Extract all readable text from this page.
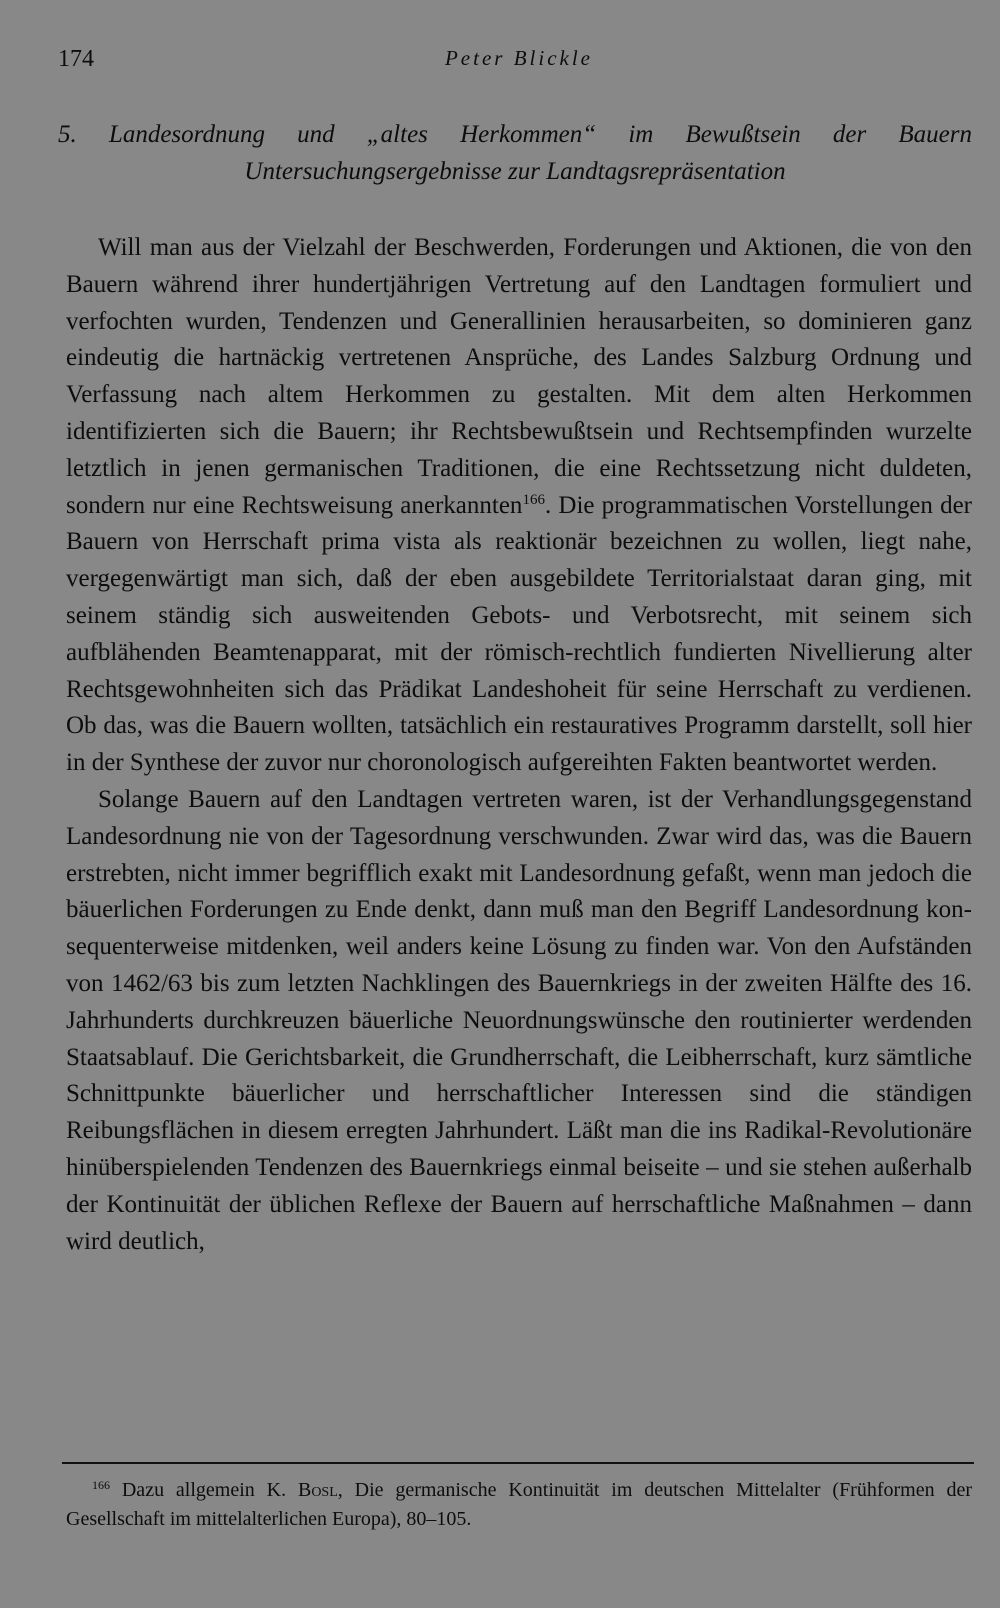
174	Peter Blickle
5. Landesordnung und „altes Herkommen“ im Bewußtsein der Bauern
Untersuchungsergebnisse zur Landtagsrepräsentation

Will man aus der Vielzahl der Beschwerden, Forderungen und Aktionen, die von den Bauern während ihrer hundertjährigen Vertretung auf den Landtagen formuliert und verfochten wurden, Tendenzen und Generallinien herausarbeiten, so dominieren ganz eindeutig die hartnäckig vertretenen Ansprüche, des Landes Salzburg Ordnung und Verfassung nach altem Herkommen zu gestalten. Mit dem alten Herkommen identifizierten sich die Bauern; ihr Rechtsbewußtsein und Rechtsempfinden wurzelte letztlich in jenen germanischen Traditionen, die eine Rechtssetzung nicht duldeten, sondern nur eine Rechtsweisung anerkannten$^{166}$. Die programmatischen Vorstellungen der Bauern von Herrschaft prima vista als reaktionär bezeichnen zu wollen, liegt nahe, vergegenwärtigt man sich, daß der eben ausgebildete Territorialstaat daran ging, mit seinem ständig sich ausweitenden Gebots- und Verbotsrecht, mit seinem sich aufblähenden Beamtenapparat, mit der römisch-rechtlich fundierten Nivellierung alter Rechtsgewohnheiten sich das Prädikat Landeshoheit für seine Herrschaft zu verdienen. Ob das, was die Bauern wollten, tatsächlich ein restauratives Programm darstellt, soll hier in der Synthese der zuvor nur choronologisch aufgereihten Fakten beantwortet werden.

Solange Bauern auf den Landtagen vertreten waren, ist der Verhandlungsgegenstand Landesordnung nie von der Tagesordnung verschwunden. Zwar wird das, was die Bauern erstrebten, nicht immer begrifflich exakt mit Landesordnung gefaßt, wenn man jedoch die bäuerlichen Forderungen zu Ende denkt, dann muß man den Begriff Landesordnung konsequenterweise mitdenken, weil anders keine Lösung zu finden war. Von den Aufständen von 1462/63 bis zum letzten Nachklingen des Bauernkriegs in der zweiten Hälfte des 16. Jahrhunderts durchkreuzen bäuerliche Neuordnungswünsche den routinierter werdenden Staatsablauf. Die Gerichtsbarkeit, die Grundherrschaft, die Leibherrschaft, kurz sämtliche Schnittpunkte bäuerlicher und herrschaftlicher Interessen sind die ständigen Reibungsflächen in diesem erregten Jahrhundert. Läßt man die ins Radikal-Revolutionäre hinüberspielenden Tendenzen des Bauernkriegs einmal beiseite – und sie stehen außerhalb der Kontinuität der üblichen Reflexe der Bauern auf herrschaftliche Maßnahmen – dann wird deutlich,

$^{166}$ Dazu allgemein K. Bosl, Die germanische Kontinuität im deutschen Mittelalter (Frühformen der Gesellschaft im mittelalterlichen Europa), 80–105.
